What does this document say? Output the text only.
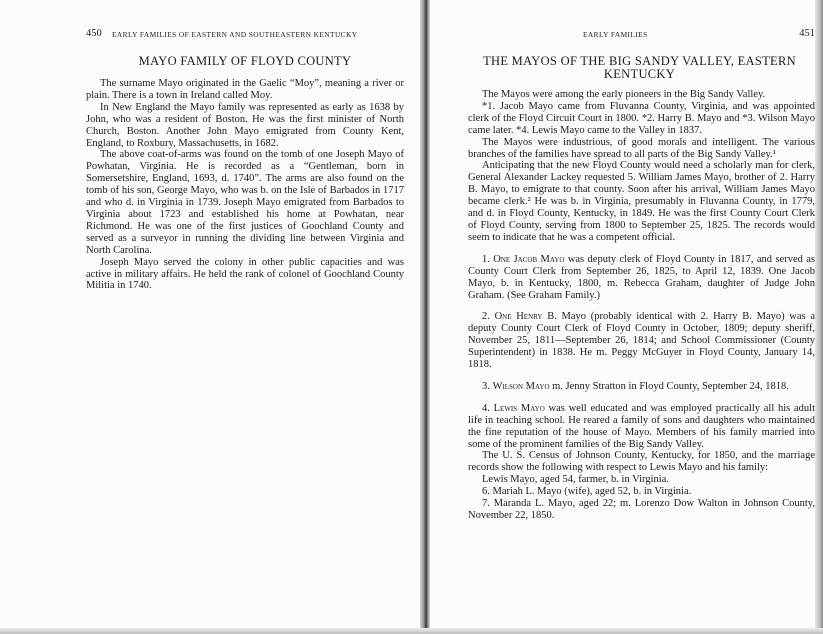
450 EARLY FAMILIES OF EASTERN AND SOUTHEASTERN KENTUCKY
MAYO FAMILY OF FLOYD COUNTY

The surname Mayo originated in the Gaelic “Moy”, meaning a river or plain. There is a town in Ireland called Moy.

In New England the Mayo family was represented as early as 1638 by John, who was a resident of Boston. He was the first minister of North Church, Boston. Another John Mayo emigrated from County Kent, England, to Roxbury, Massachusetts, in 1682.

The above coat-of-arms was found on the tomb of one Joseph Mayo of Powhatan, Virginia. He is recorded as a “Gentleman, born in Somersetshire, England, 1693, d. 1740”. The arms are also found on the tomb of his son, George Mayo, who was b. on the Isle of Barbados in 1717 and who d. in Virginia in 1739. Joseph Mayo emigrated from Barbados to Virginia about 1723 and established his home at Powhatan, near Richmond. He was one of the first justices of Goochland County and served as a surveyor in running the dividing line between Virginia and North Carolina.

Joseph Mayo served the colony in other public capacities and was active in military affairs. He held the rank of colonel of Goochland County Militia in 1740.

EARLY FAMILIES	451
THE MAYOS OF THE BIG SANDY VALLEY, EASTERN
KENTUCKY

The Mayos were among the early pioneers in the Big Sandy Valley.

*1. Jacob Mayo came from Fluvanna County, Virginia, and was appointed clerk of the Floyd Circuit Court in 1800. *2. Harry B. Mayo and *3. Wilson Mayo came later. *4. Lewis Mayo came to the Valley in 1837.

The Mayos were industrious, of good morals and intelligent. The various branches of the families have spread to all parts of the Big Sandy Valley.¹

Anticipating that the new Floyd County would need a scholarly man for clerk, General Alexander Lackey requested 5. William James Mayo, brother of 2. Harry B. Mayo, to emigrate to that county. Soon after his arrival, William James Mayo became clerk.² He was b. in Virginia, presumably in Fluvanna County, in 1779, and d. in Floyd County, Kentucky, in 1849. He was the first County Court Clerk of Floyd County, serving from 1800 to September 25, 1825. The records would seem to indicate that he was a competent official.

1. One Jacob Mayo was deputy clerk of Floyd County in 1817, and served as County Court Clerk from September 26, 1825, to April 12, 1839. One Jacob Mayo, b. in Kentucky, 1800, m. Rebecca Graham, daughter of Judge John Graham. (See Graham Family.)

2. One Henry B. Mayo (probably identical with 2. Harry B. Mayo) was a deputy County Court Clerk of Floyd County in October, 1809; deputy sheriff, November 25, 1811—September 26, 1814; and School Commissioner (County Superintendent) in 1838. He m. Peggy McGuyer in Floyd County, January 14, 1818.

3. Wilson Mayo m. Jenny Stratton in Floyd County, September 24, 1818.

4. Lewis Mayo was well educated and was employed practically all his adult life in teaching school. He reared a family of sons and daughters who maintained the fine reputation of the house of Mayo. Members of his family married into some of the prominent families of the Big Sandy Valley.

The U. S. Census of Johnson County, Kentucky, for 1850, and the marriage records show the following with respect to Lewis Mayo and his family:

Lewis Mayo, aged 54, farmer, b. in Virginia.

6. Mariah L. Mayo (wife), aged 52, b. in Virginia.

7. Maranda L. Mayo, aged 22; m. Lorenzo Dow Walton in Johnson County, November 22, 1850.
